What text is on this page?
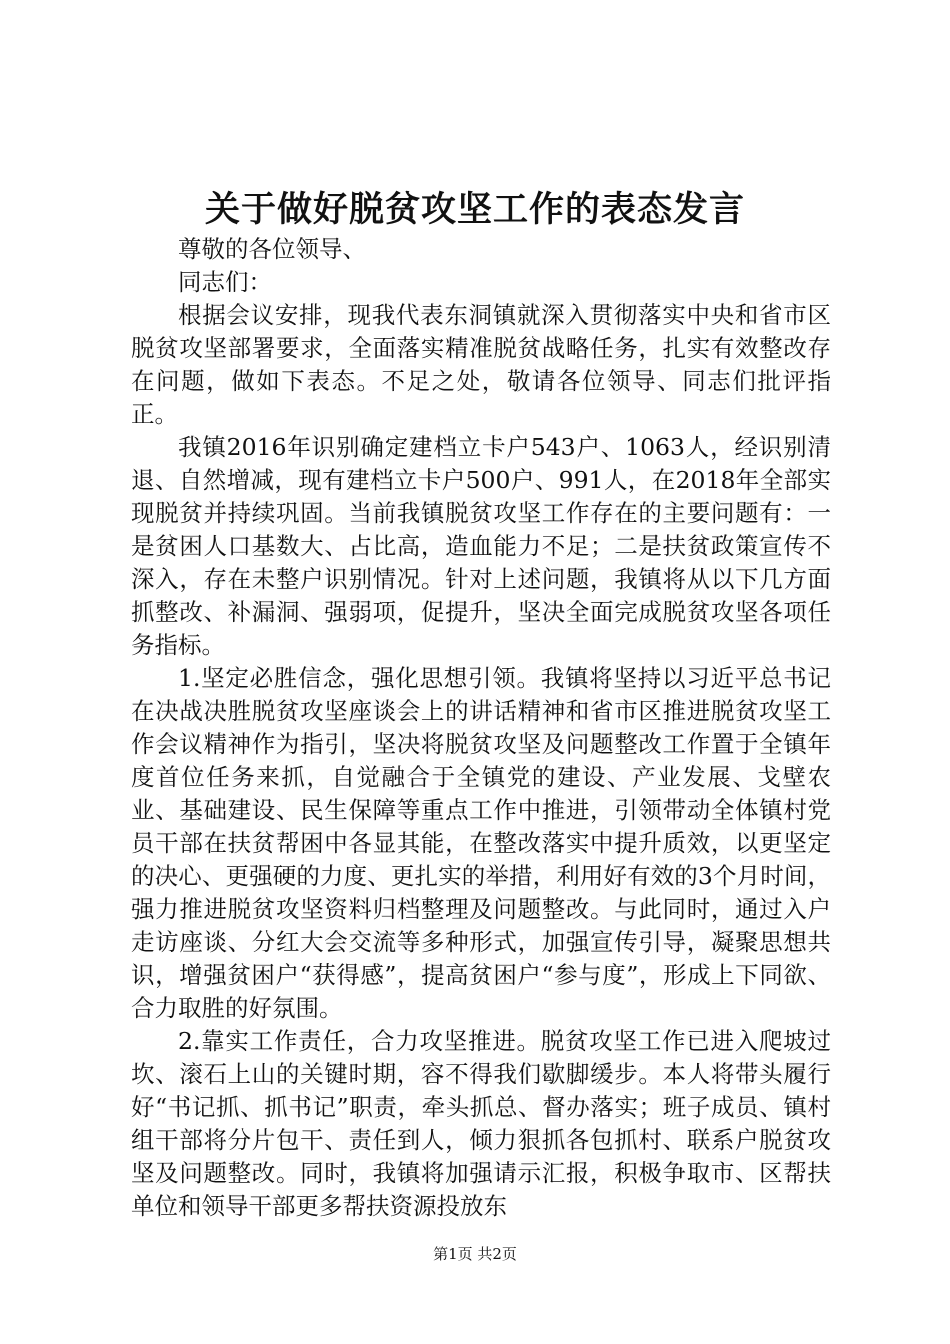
关于做好脱贫攻坚工作的表态发言
尊敬的各位领导、
同志们：

根据会议安排，现我代表东洞镇就深入贯彻落实中央和省市区脱贫攻坚部署要求，全面落实精准脱贫战略任务，扎实有效整改存在问题，做如下表态。不足之处，敬请各位领导、同志们批评指正。

我镇2016年识别确定建档立卡户543户、1063人，经识别清退、自然增减，现有建档立卡户500户、991人，在2018年全部实现脱贫并持续巩固。当前我镇脱贫攻坚工作存在的主要问题有：一是贫困人口基数大、占比高，造血能力不足；二是扶贫政策宣传不深入，存在未整户识别情况。针对上述问题，我镇将从以下几方面抓整改、补漏洞、强弱项，促提升，坚决全面完成脱贫攻坚各项任务指标。

1.坚定必胜信念，强化思想引领。我镇将坚持以习近平总书记在决战决胜脱贫攻坚座谈会上的讲话精神和省市区推进脱贫攻坚工作会议精神作为指引，坚决将脱贫攻坚及问题整改工作置于全镇年度首位任务来抓，自觉融合于全镇党的建设、产业发展、戈壁农业、基础建设、民生保障等重点工作中推进，引领带动全体镇村党员干部在扶贫帮困中各显其能，在整改落实中提升质效，以更坚定的决心、更强硬的力度、更扎实的举措，利用好有效的3个月时间，强力推进脱贫攻坚资料归档整理及问题整改。与此同时，通过入户走访座谈、分红大会交流等多种形式，加强宣传引导，凝聚思想共识，增强贫困户“获得感”，提高贫困户“参与度”，形成上下同欲、合力取胜的好氛围。

2.靠实工作责任，合力攻坚推进。脱贫攻坚工作已进入爬坡过坎、滚石上山的关键时期，容不得我们歇脚缓步。本人将带头履行好“书记抓、抓书记”职责，牵头抓总、督办落实；班子成员、镇村组干部将分片包干、责任到人，倾力狠抓各包抓村、联系户脱贫攻坚及问题整改。同时，我镇将加强请示汇报，积极争取市、区帮扶单位和领导干部更多帮扶资源投放东

第1页 共2页
